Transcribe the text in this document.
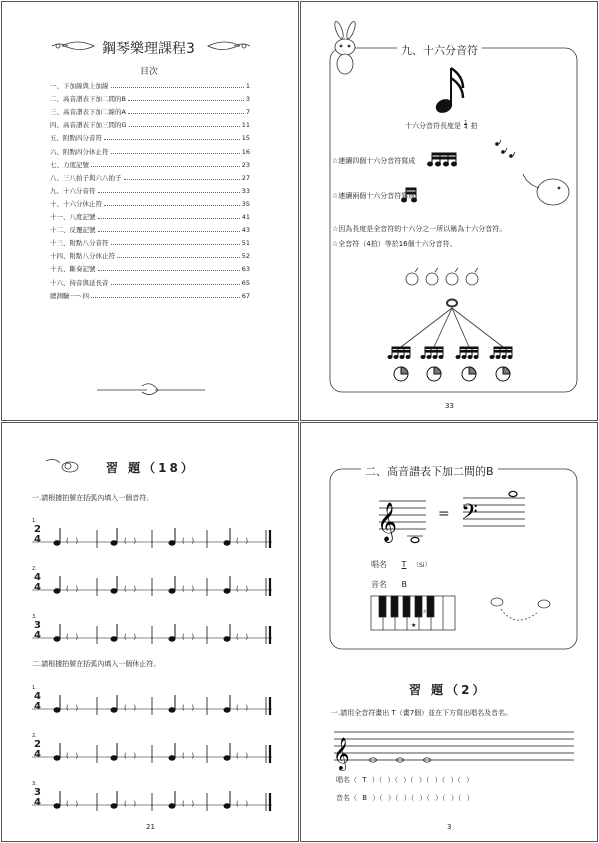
鋼琴樂理課程3
目次
一、下加線與上加線	1
二、高音譜表下加二間的B	3
三、高音譜表下加二線的A	7
四、高音譜表下加三間的G	11
五、附點四分音符	15
六、附點四分休止符	16
七、力度記號	23
八、三八拍子與六八拍子	27
九、十六分音符	33
十、十六分休止符	35
十一、八度記號	41
十二、反覆記號	43
十三、附點八分音符	51
十四、附點八分休止符	52
十五、斷奏記號	63
十六、持音與延長音	65
總測驗一～四	67
九、十六分音符
十六分音符長度是 1
4 拍
☆連續四個十六分音符寫成
☆連續兩個十六分音符寫成
☆因為長度是全音符的十六分之一所以稱為十六分音符。
☆全音符（4拍）等於16個十六分音符。
33
習 題（18）
一.請根據拍號在括弧內填入一個音符。
二.請根據拍號在括弧內填入一個休止符。
1.
2
4	(   )	(   )	(   )	(   )
2.
4
4	(   )	(   )	(   )	(   )
3.
3
4	(   )	(   )	(   )	(   )
1.
4
4	(   )	(   )	(   )	(   )
2.
2
4	(   )	(   )	(   )	(   )
3.
3
4	(   )	(   )	(   )	(   )
21
𝄞 𝄢
★
𝄞
二、高音譜表下加二間的B
=
唱名 T （Si）
音名 B
ㄉ
習 題（2）
一.請用全音符畫出 T（畫7個）並在下方寫出唱名及音名。
唱名（ T ）（ ）（ ）（ ）（ ）（ ）（ ）
音名（ B ）（ ）（ ）（ ）（ ）（ ）（ ）
3
